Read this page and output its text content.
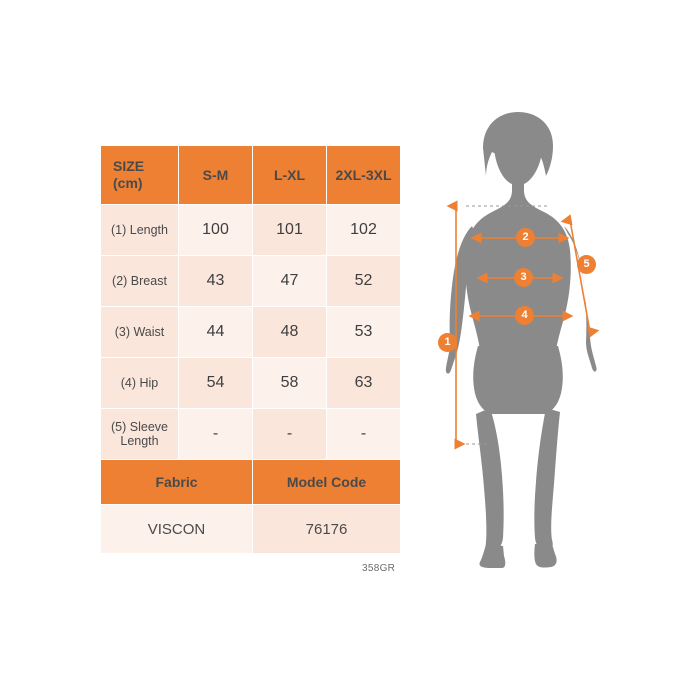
SIZE
(cm)	S-M	L-XL	2XL-3XL
(1) Length	100	101	102
(2) Breast	43	47	52
(3) Waist	44	48	53
(4) Hip	54	58	63
(5) Sleeve Length	-	-	-
Fabric		Model Code	
VISCON		76176	
358GR
1
2
3
4
5
